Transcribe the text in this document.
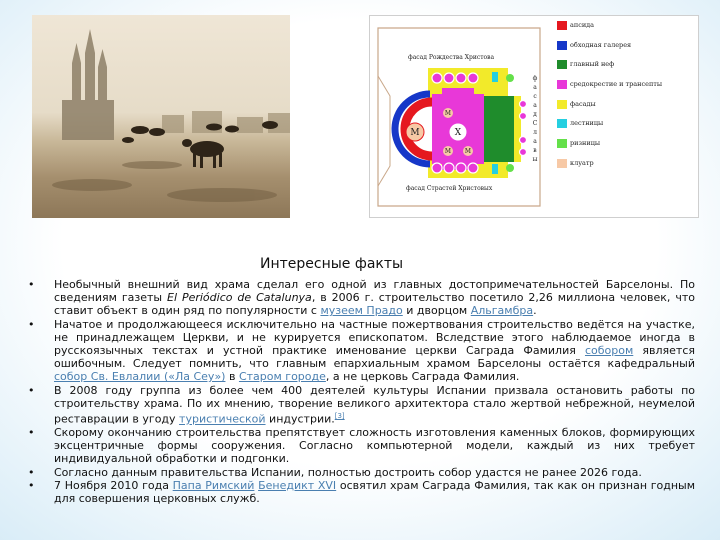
М	Х
М
М М
фасад Рождества Христова
фасад Страстей Христовых
ф
а
с
а
д
С
л
а
в
ы
апсида
обходная галерея
главный неф
средокрестие и трансепты
фасады
лестницы
ризницы
клуатр
Интересные факты
• Необычный внешний вид храма сделал его одной из главных достопримечательностей Барселоны. По сведениям газеты El Periódico de Catalunya, в 2006 г. строительство посетило 2,26 миллиона человек, что ставит объект в один ряд по популярности с музеем Прадо и дворцом Альгамбра.
• Начатое и продолжающееся исключительно на частные пожертвования строительство ведётся на участке, не принадлежащем Церкви, и не курируется епископатом. Вследствие этого наблюдаемое иногда в русскоязычных текстах и устной практике именование церкви Саграда Фамилия собором является ошибочным. Следует помнить, что главным епархиальным храмом Барселоны остаётся кафедральный собор Св. Евлалии («Ла Сеу») в Старом городе, а не церковь Саграда Фамилия.
• В 2008 году группа из более чем 400 деятелей культуры Испании призвала остановить работы по строительству храма. По их мнению, творение великого архитектора стало жертвой небрежной, неумелой реставрации в угоду туристической индустрии.[3]
• Скорому окончанию строительства препятствует сложность изготовления каменных блоков, формирующих эксцентричные формы сооружения. Согласно компьютерной модели, каждый из них требует индивидуальной обработки и подгонки.
• Согласно данным правительства Испании, полностью достроить собор удастся не ранее 2026 года.
• 7 Ноября 2010 года Папа Римский Бенедикт XVI освятил храм Саграда Фамилия, так как он признан годным для совершения церковных служб.
